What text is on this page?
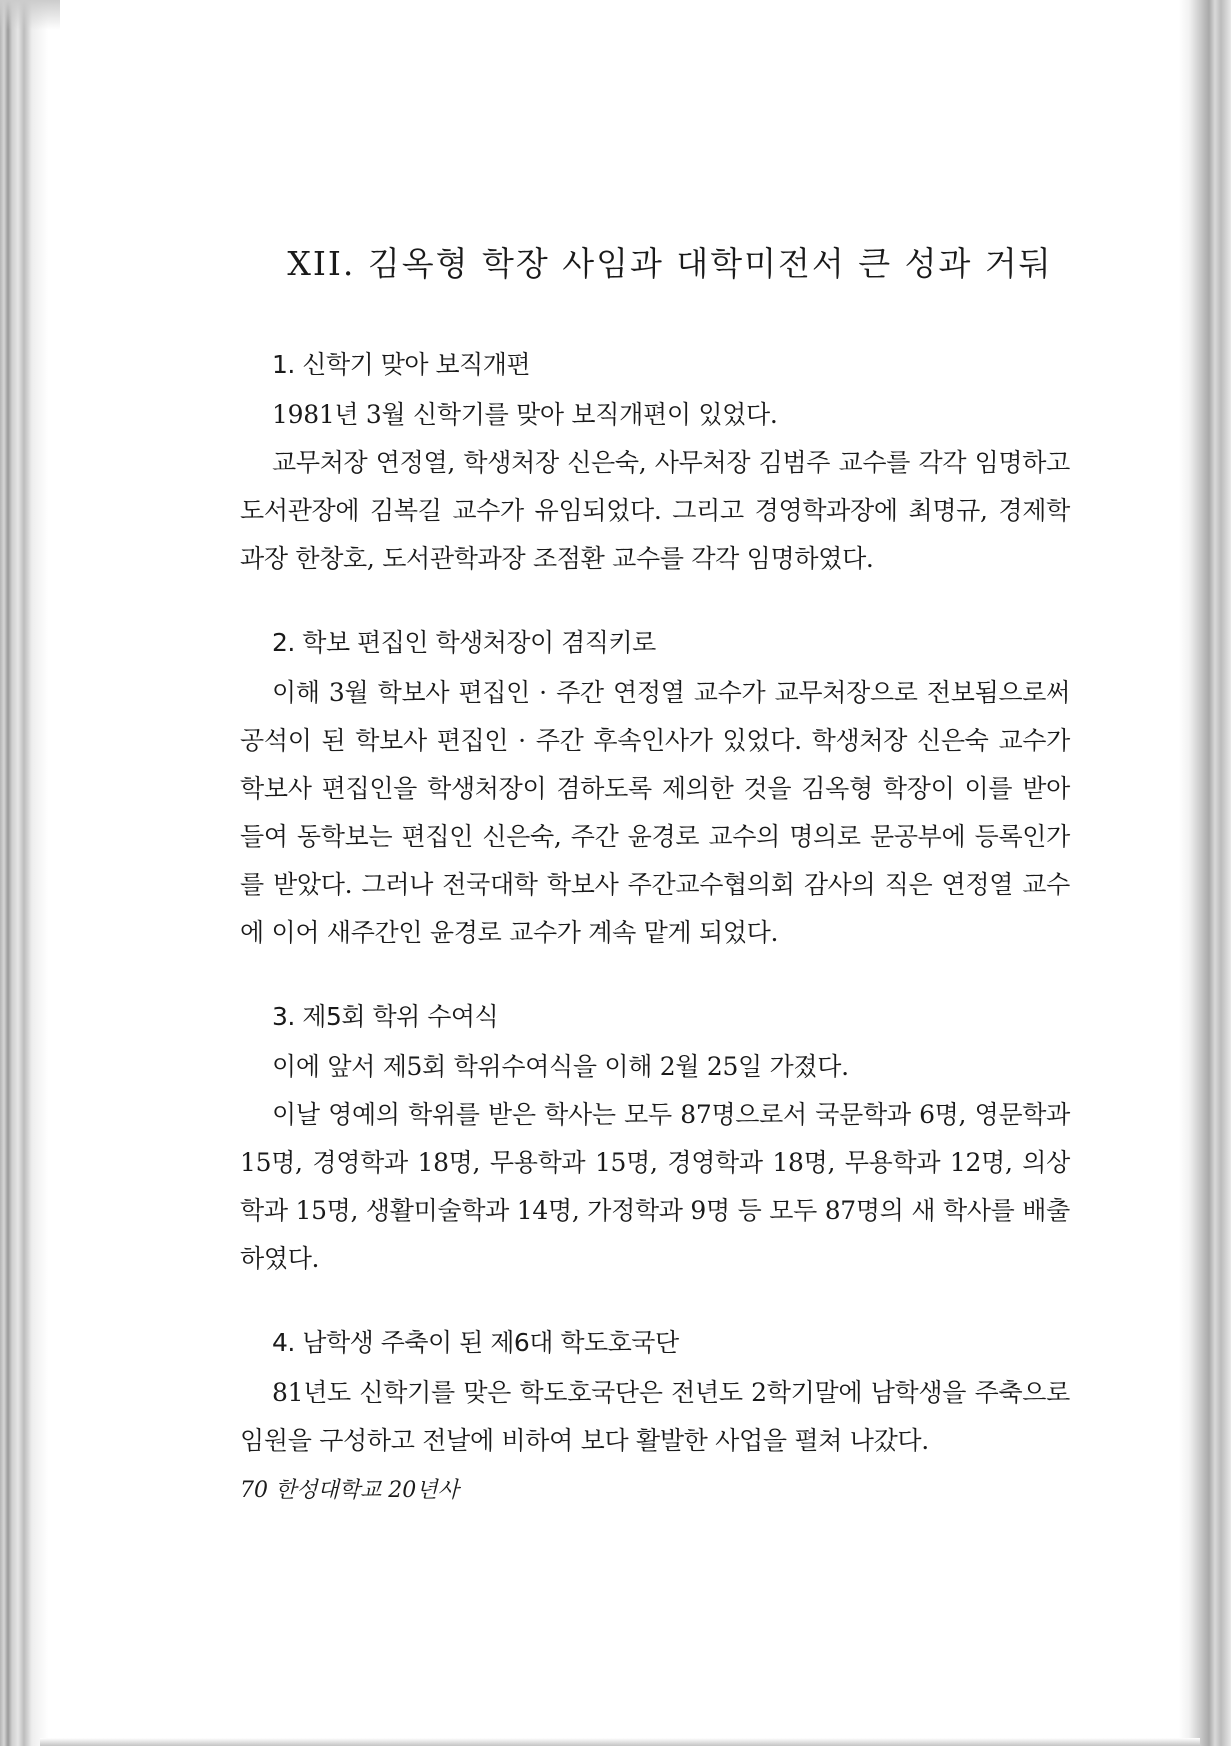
XII. 김옥형 학장 사임과 대학미전서 큰 성과 거둬
1. 신학기 맞아 보직개편

1981년 3월 신학기를 맞아 보직개편이 있었다.

교무처장 연정열, 학생처장 신은숙, 사무처장 김범주 교수를 각각 임명하고 도서관장에 김복길 교수가 유임되었다. 그리고 경영학과장에 최명규, 경제학과장 한창호, 도서관학과장 조점환 교수를 각각 임명하였다.

2. 학보 편집인 학생처장이 겸직키로

이해 3월 학보사 편집인 · 주간 연정열 교수가 교무처장으로 전보됨으로써 공석이 된 학보사 편집인 · 주간 후속인사가 있었다. 학생처장 신은숙 교수가 학보사 편집인을 학생처장이 겸하도록 제의한 것을 김옥형 학장이 이를 받아들여 동학보는 편집인 신은숙, 주간 윤경로 교수의 명의로 문공부에 등록인가를 받았다. 그러나 전국대학 학보사 주간교수협의회 감사의 직은 연정열 교수에 이어 새주간인 윤경로 교수가 계속 맡게 되었다.

3. 제5회 학위 수여식

이에 앞서 제5회 학위수여식을 이해 2월 25일 가졌다.

이날 영예의 학위를 받은 학사는 모두 87명으로서 국문학과 6명, 영문학과 15명, 경영학과 18명, 무용학과 15명, 경영학과 18명, 무용학과 12명, 의상학과 15명, 생활미술학과 14명, 가정학과 9명 등 모두 87명의 새 학사를 배출하였다.

4. 남학생 주축이 된 제6대 학도호국단

81년도 신학기를 맞은 학도호국단은 전년도 2학기말에 남학생을 주축으로 임원을 구성하고 전날에 비하여 보다 활발한 사업을 펼쳐 나갔다.

70 한성대학교 20년사
